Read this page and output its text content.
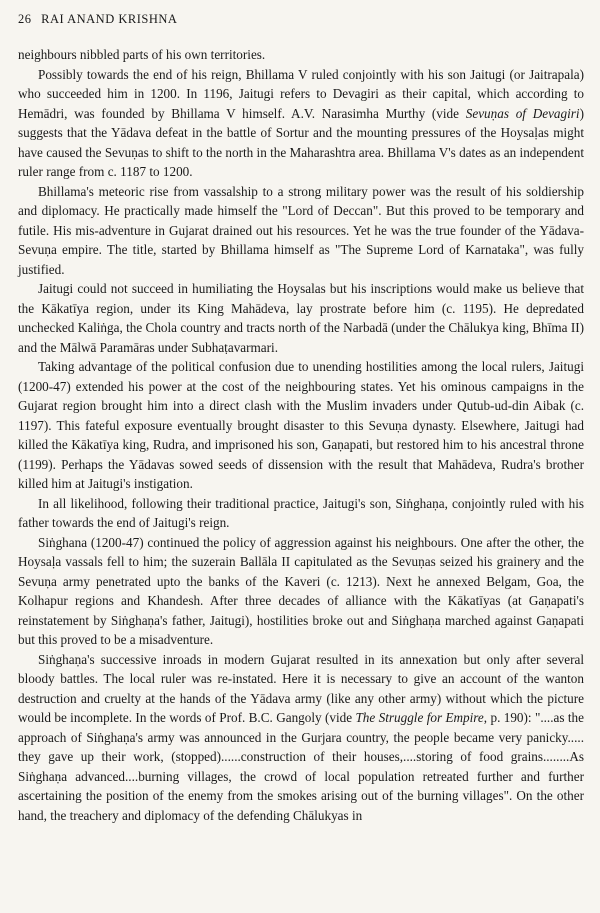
26 RAI ANAND KRISHNA

neighbours nibbled parts of his own territories.

Possibly towards the end of his reign, Bhillama V ruled conjointly with his son Jaitugi (or Jaitrapala) who succeeded him in 1200. In 1196, Jaitugi refers to Devagiri as their capital, which according to Hemādri, was founded by Bhillama V himself. A.V. Narasimha Murthy (vide Sevuṇas of Devagiri) suggests that the Yādava defeat in the battle of Sortur and the mounting pressures of the Hoysaḷas might have caused the Sevuṇas to shift to the north in the Maharashtra area. Bhillama V's dates as an independent ruler range from c. 1187 to 1200.

Bhillama's meteoric rise from vassalship to a strong military power was the result of his soldiership and diplomacy. He practically made himself the "Lord of Deccan". But this proved to be temporary and futile. His mis-adventure in Gujarat drained out his resources. Yet he was the true founder of the Yādava-Sevuṇa empire. The title, started by Bhillama himself as "The Supreme Lord of Karnataka", was fully justified.

Jaitugi could not succeed in humiliating the Hoysalas but his inscriptions would make us believe that the Kākatīya region, under its King Mahādeva, lay prostrate before him (c. 1195). He depredated unchecked Kaliṅga, the Chola country and tracts north of the Narbadā (under the Chālukya king, Bhīma II) and the Mālwā Paramāras under Subhaṭavarmari.

Taking advantage of the political confusion due to unending hostilities among the local rulers, Jaitugi (1200-47) extended his power at the cost of the neighbouring states. Yet his ominous campaigns in the Gujarat region brought him into a direct clash with the Muslim invaders under Qutub-ud-din Aibak (c. 1197). This fateful exposure eventually brought disaster to this Sevuṇa dynasty. Elsewhere, Jaitugi had killed the Kākatīya king, Rudra, and imprisoned his son, Gaṇapati, but restored him to his ancestral throne (1199). Perhaps the Yādavas sowed seeds of dissension with the result that Mahādeva, Rudra's brother killed him at Jaitugi's instigation.

In all likelihood, following their traditional practice, Jaitugi's son, Siṅghaṇa, conjointly ruled with his father towards the end of Jaitugi's reign.

Siṅghana (1200-47) continued the policy of aggression against his neighbours. One after the other, the Hoysaḷa vassals fell to him; the suzerain Ballāla II capitulated as the Sevuṇas seized his grainery and the Sevuṇa army penetrated upto the banks of the Kaveri (c. 1213). Next he annexed Belgam, Goa, the Kolhapur regions and Khandesh. After three decades of alliance with the Kākatīyas (at Gaṇapati's reinstatement by Siṅghaṇa's father, Jaitugi), hostilities broke out and Siṅghaṇa marched against Gaṇapati but this proved to be a misadventure.

Siṅghaṇa's successive inroads in modern Gujarat resulted in its annexation but only after several bloody battles. The local ruler was re-instated. Here it is necessary to give an account of the wanton destruction and cruelty at the hands of the Yādava army (like any other army) without which the picture would be incomplete. In the words of Prof. B.C. Gangoly (vide The Struggle for Empire, p. 190): "....as the approach of Siṅghaṇa's army was announced in the Gurjara country, the people became very panicky..... they gave up their work, (stopped)......construction of their houses,....storing of food grains........As Siṅghaṇa advanced....burning villages, the crowd of local population retreated further and further ascertaining the position of the enemy from the smokes arising out of the burning villages". On the other hand, the treachery and diplomacy of the defending Chālukyas in
